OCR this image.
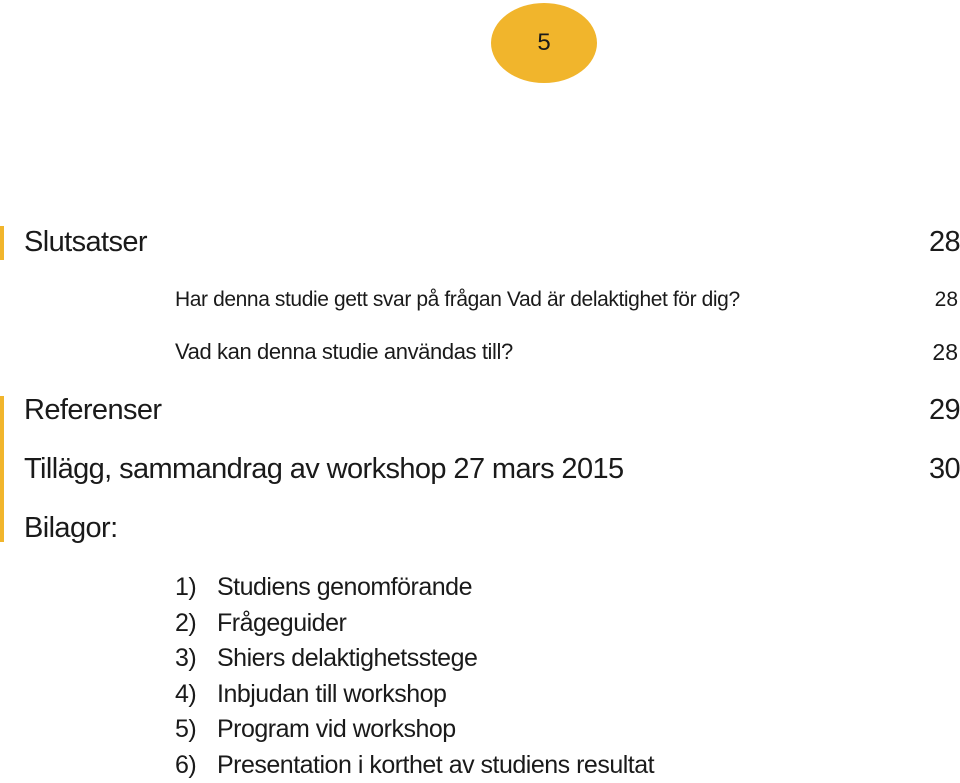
5
Slutsatser	28
Har denna studie gett svar på frågan Vad är delaktighet för dig?	28
Vad kan denna studie användas till?	28
Referenser	29
Tillägg, sammandrag av workshop 27 mars 2015	30
Bilagor:
1) Studiens genomförande
2) Frågeguider
3) Shiers delaktighetsstege
4) Inbjudan till workshop
5) Program vid workshop
6) Presentation i korthet av studiens resultat
